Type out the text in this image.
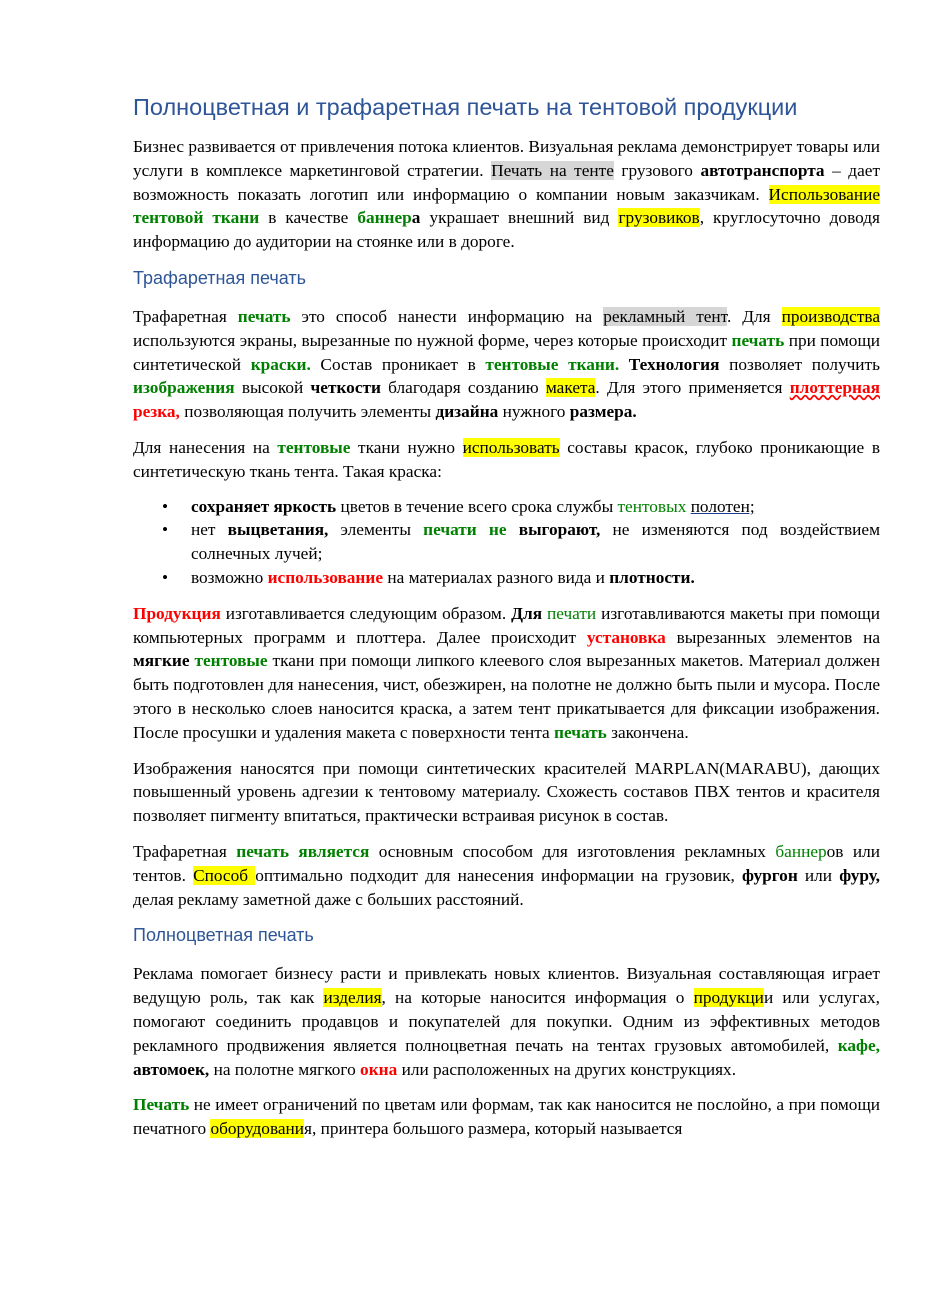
Полноцветная и трафаретная печать на тентовой продукции

Бизнес развивается от привлечения потока клиентов. Визуальная реклама демонстрирует товары или услуги в комплексе маркетинговой стратегии. Печать на тенте грузового автотранспорта – дает возможность показать логотип или информацию о компании новым заказчикам. Использование тентовой ткани в качестве баннера украшает внешний вид грузовиков, круглосуточно доводя информацию до аудитории на стоянке или в дороге.

Трафаретная печать

Трафаретная печать это способ нанести информацию на рекламный тент. Для производства используются экраны, вырезанные по нужной форме, через которые происходит печать при помощи синтетической краски. Состав проникает в тентовые ткани. Технология позволяет получить изображения высокой четкости благодаря созданию макета. Для этого применяется плоттерная резка, позволяющая получить элементы дизайна нужного размера.

Для нанесения на тентовые ткани нужно использовать составы красок, глубоко проникающие в синтетическую ткань тента. Такая краска:

• сохраняет яркость цветов в течение всего срока службы тентовых полотен;
• нет выцветания, элементы печати не выгорают, не изменяются под воздействием солнечных лучей;
• возможно использование на материалах разного вида и плотности.

Продукция изготавливается следующим образом. Для печати изготавливаются макеты при помощи компьютерных программ и плоттера. Далее происходит установка вырезанных элементов на мягкие тентовые ткани при помощи липкого клеевого слоя вырезанных макетов. Материал должен быть подготовлен для нанесения, чист, обезжирен, на полотне не должно быть пыли и мусора. После этого в несколько слоев наносится краска, а затем тент прикатывается для фиксации изображения. После просушки и удаления макета с поверхности тента печать закончена.

Изображения наносятся при помощи синтетических красителей MARPLAN(MARABU), дающих повышенный уровень адгезии к тентовому материалу. Схожесть составов ПВХ тентов и красителя позволяет пигменту впитаться, практически встраивая рисунок в состав.

Трафаретная печать является основным способом для изготовления рекламных баннеров или тентов. Способ оптимально подходит для нанесения информации на грузовик, фургон или фуру, делая рекламу заметной даже с больших расстояний.

Полноцветная печать

Реклама помогает бизнесу расти и привлекать новых клиентов. Визуальная составляющая играет ведущую роль, так как изделия, на которые наносится информация о продукции или услугах, помогают соединить продавцов и покупателей для покупки. Одним из эффективных методов рекламного продвижения является полноцветная печать на тентах грузовых автомобилей, кафе, автомоек, на полотне мягкого окна или расположенных на других конструкциях.

Печать не имеет ограничений по цветам или формам, так как наносится не послойно, а при помощи печатного оборудования, принтера большого размера, который называется
